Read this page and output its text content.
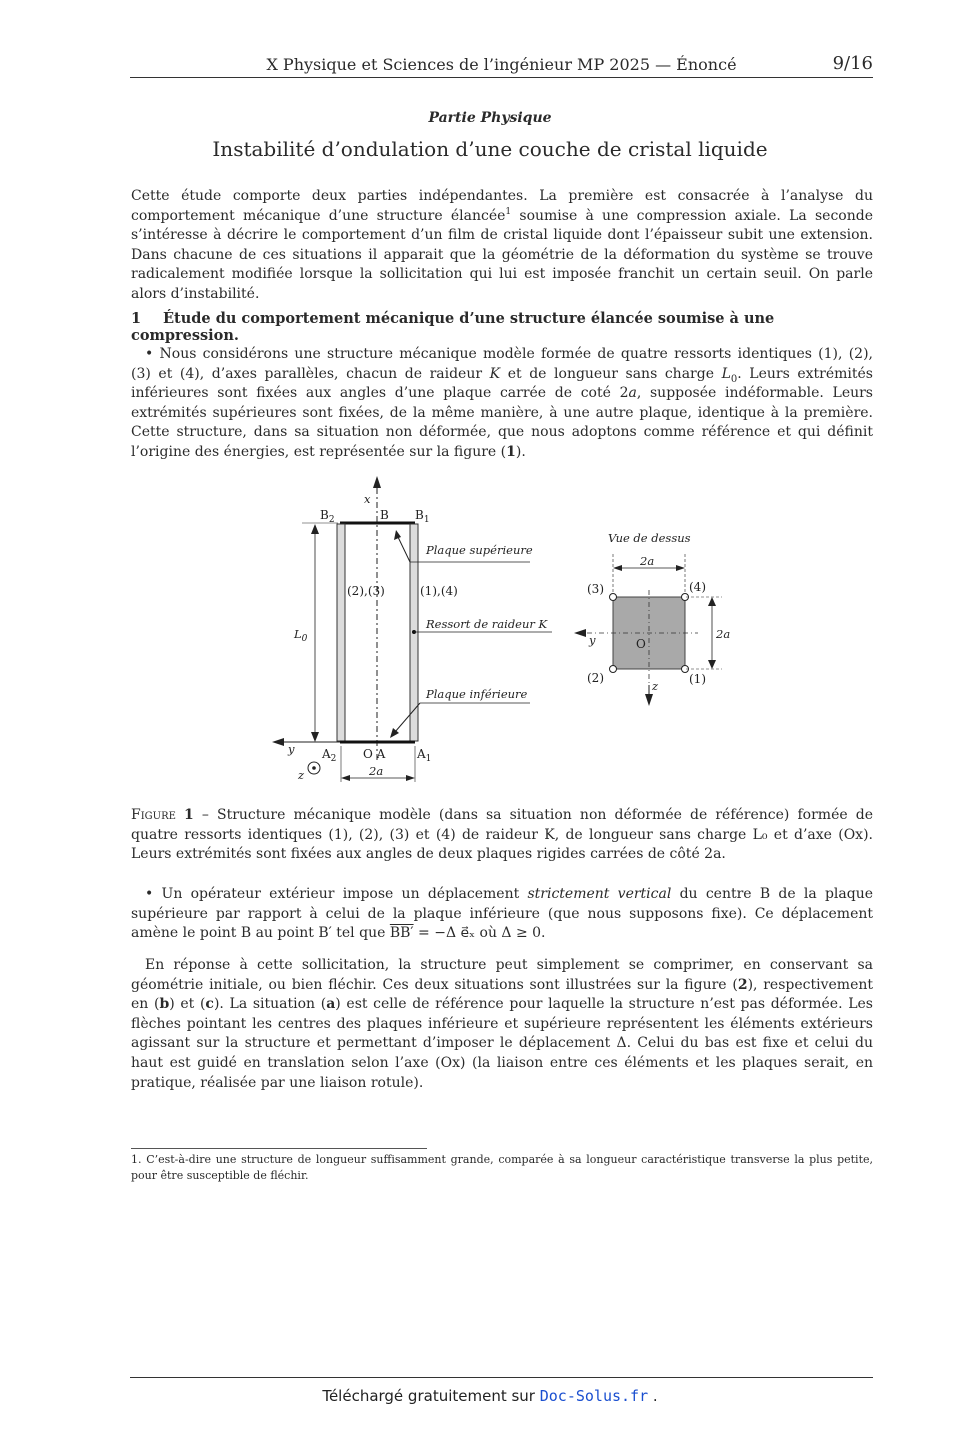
X Physique et Sciences de l’ingénieur MP 2025 — Énoncé	9/16
Partie Physique
Instabilité d’ondulation d’une couche de cristal liquide

Cette étude comporte deux parties indépendantes. La première est consacrée à l’analyse du comportement mécanique d’une structure élancée$^1$ soumise à une compression axiale. La seconde s’intéresse à décrire le comportement d’un film de cristal liquide dont l’épaisseur subit une extension. Dans chacune de ces situations il apparait que la géométrie de la déformation du système se trouve radicalement modifiée lorsque la sollicitation qui lui est imposée franchit un certain seuil. On parle alors d’instabilité.

1 Étude du comportement mécanique d’une structure élancée soumise à une compression.

• Nous considérons une structure mécanique modèle formée de quatre ressorts identiques (1), (2), (3) et (4), d’axes parallèles, chacun de raideur K et de longueur sans charge $L_0$. Leurs extrémités inférieures sont fixées aux angles d’une plaque carrée de coté 2a, supposée indéformable. Leurs extrémités supérieures sont fixées, de la même manière, à une autre plaque, identique à la première. Cette structure, dans sa situation non déformée, que nous adoptons comme référence et qui définit l’origine des énergies, est représentée sur la figure (1).

x
$B_2$	B $B_1$
Plaque supérieure
(2),(3)	(1),(4)
$L_0$
Ressort de raideur K
Plaque inférieure
y $A_2$ O A	$A_1$
z	2a
Vue de dessus
2a
y	O
z
(3)	(4)
(2)	(1)
2a

Figure 1 – Structure mécanique modèle (dans sa situation non déformée de référence) formée de quatre ressorts identiques (1), (2), (3) et (4) de raideur K, de longueur sans charge L₀ et d’axe (Ox). Leurs extrémités sont fixées aux angles de deux plaques rigides carrées de côté 2a.

• Un opérateur extérieur impose un déplacement strictement vertical du centre B de la plaque supérieure par rapport à celui de la plaque inférieure (que nous supposons fixe). Ce déplacement amène le point B au point B′ tel que BB′ = −Δ e⃗ₓ où Δ ≥ 0.

En réponse à cette sollicitation, la structure peut simplement se comprimer, en conservant sa géométrie initiale, ou bien fléchir. Ces deux situations sont illustrées sur la figure (2), respectivement en (b) et (c). La situation (a) est celle de référence pour laquelle la structure n’est pas déformée. Les flèches pointant les centres des plaques inférieure et supérieure représentent les éléments extérieurs agissant sur la structure et permettant d’imposer le déplacement Δ. Celui du bas est fixe et celui du haut est guidé en translation selon l’axe (Ox) (la liaison entre ces éléments et les plaques serait, en pratique, réalisée par une liaison rotule).

1. C’est-à-dire une structure de longueur suffisamment grande, comparée à sa longueur caractéristique transverse la plus petite, pour être susceptible de fléchir.

Téléchargé gratuitement sur Doc-Solus.fr .
